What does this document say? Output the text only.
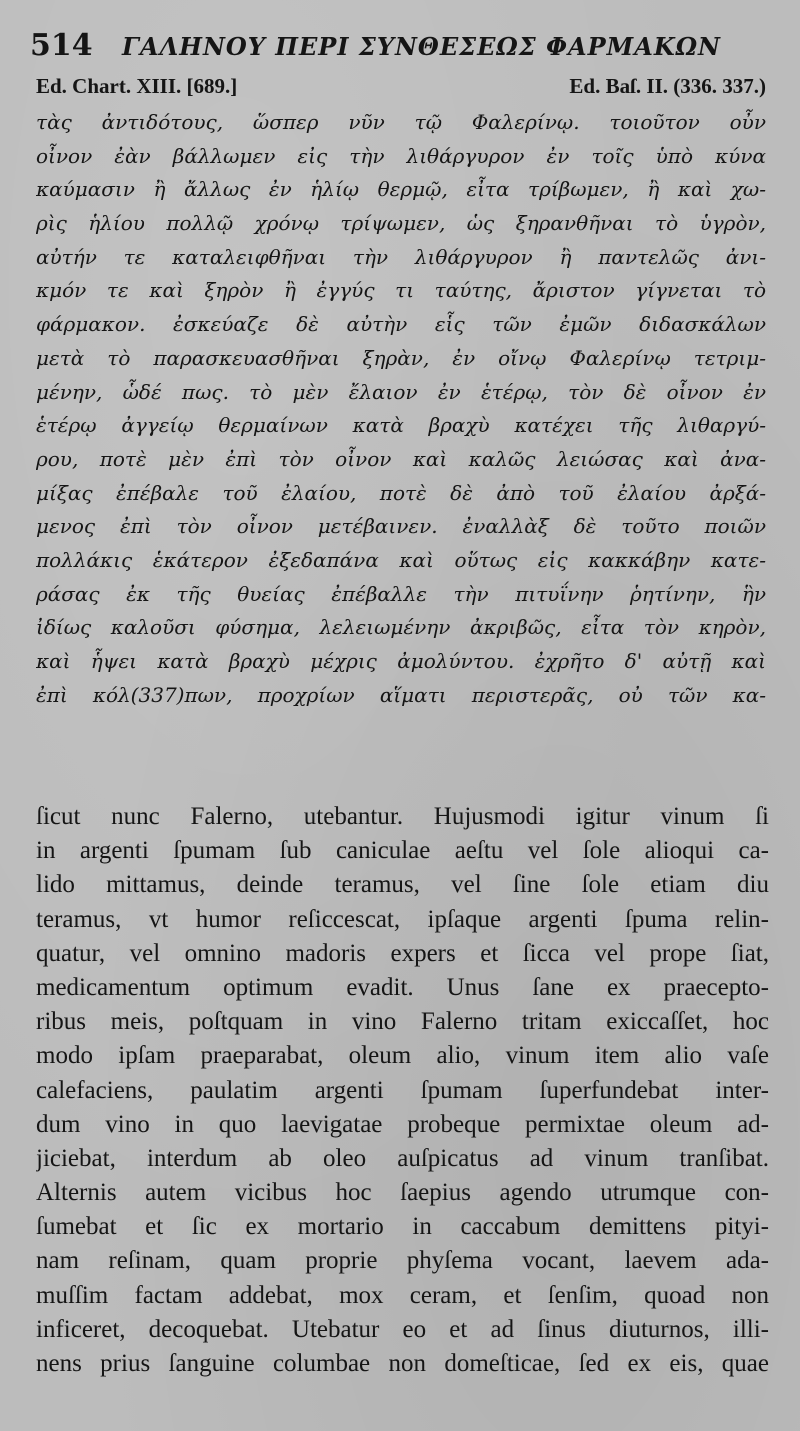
514 ΓΑΛΗΝΟΥ ΠΕΡΙ ΣΥΝΘΕΣΕΩΣ ΦΑΡΜΑΚΩΝ
Ed. Chart. XIII. [689.]	Ed. Baſ. II. (336. 337.)
τὰς ἀντιδότους, ὥσπερ νῦν τῷ Φαλερίνῳ. τοιοῦτον οὖν
οἶνον ἐὰν βάλλωμεν εἰς τὴν λιθάργυρον ἐν τοῖς ὑπὸ κύνα
καύμασιν ἢ ἄλλως ἐν ἡλίῳ θερμῷ, εἶτα τρίβωμεν, ἢ καὶ χω-
ρὶς ἡλίου πολλῷ χρόνῳ τρίψωμεν, ὡς ξηρανθῆναι τὸ ὑγρὸν,
αὐτήν τε καταλειφθῆναι τὴν λιθάργυρον ἢ παντελῶς ἀνι-
κμόν τε καὶ ξηρὸν ἢ ἐγγύς τι ταύτης, ἄριστον γίγνεται τὸ
φάρμακον. ἐσκεύαζε δὲ αὐτὴν εἷς τῶν ἐμῶν διδασκάλων
μετὰ τὸ παρασκευασθῆναι ξηρὰν, ἐν οἴνῳ Φαλερίνῳ τετριμ-
μένην, ὧδέ πως. τὸ μὲν ἔλαιον ἐν ἑτέρῳ, τὸν δὲ οἶνον ἐν
ἑτέρῳ ἀγγείῳ θερμαίνων κατὰ βραχὺ κατέχει τῆς λιθαργύ-
ρου, ποτὲ μὲν ἐπὶ τὸν οἶνον καὶ καλῶς λειώσας καὶ ἀνα-
μίξας ἐπέβαλε τοῦ ἐλαίου, ποτὲ δὲ ἀπὸ τοῦ ἐλαίου ἀρξά-
μενος ἐπὶ τὸν οἶνον μετέβαινεν. ἐναλλὰξ δὲ τοῦτο ποιῶν
πολλάκις ἑκάτερον ἐξεδαπάνα καὶ οὕτως εἰς κακκάβην κατε-
ράσας ἐκ τῆς θυείας ἐπέβαλλε τὴν πιτυΐνην ῥητίνην, ἣν
ἰδίως καλοῦσι φύσημα, λελειωμένην ἀκριβῶς, εἶτα τὸν κηρὸν,
καὶ ἧψει κατὰ βραχὺ μέχρις ἀμολύντου. ἐχρῆτο δ' αὐτῇ καὶ
ἐπὶ κόλ(337)πων, προχρίων αἵματι περιστερᾶς, οὐ τῶν κα-
ſicut nunc Falerno, utebantur. Hujusmodi igitur vinum ſi
in argenti ſpumam ſub caniculae aeſtu vel ſole alioqui ca-
lido mittamus, deinde teramus, vel ſine ſole etiam diu
teramus, vt humor reſiccescat, ipſaque argenti ſpuma relin-
quatur, vel omnino madoris expers et ſicca vel prope ſiat,
medicamentum optimum evadit. Unus ſane ex praecepto-
ribus meis, poſtquam in vino Falerno tritam exiccaſſet, hoc
modo ipſam praeparabat, oleum alio, vinum item alio vaſe
calefaciens, paulatim argenti ſpumam ſuperfundebat inter-
dum vino in quo laevigatae probeque permixtae oleum ad-
jiciebat, interdum ab oleo auſpicatus ad vinum tranſibat.
Alternis autem vicibus hoc ſaepius agendo utrumque con-
ſumebat et ſic ex mortario in caccabum demittens pityi-
nam reſinam, quam proprie phyſema vocant, laevem ada-
muſſim factam addebat, mox ceram, et ſenſim, quoad non
inficeret, decoquebat. Utebatur eo et ad ſinus diuturnos, illi-
nens prius ſanguine columbae non domeſticae, ſed ex eis, quae
